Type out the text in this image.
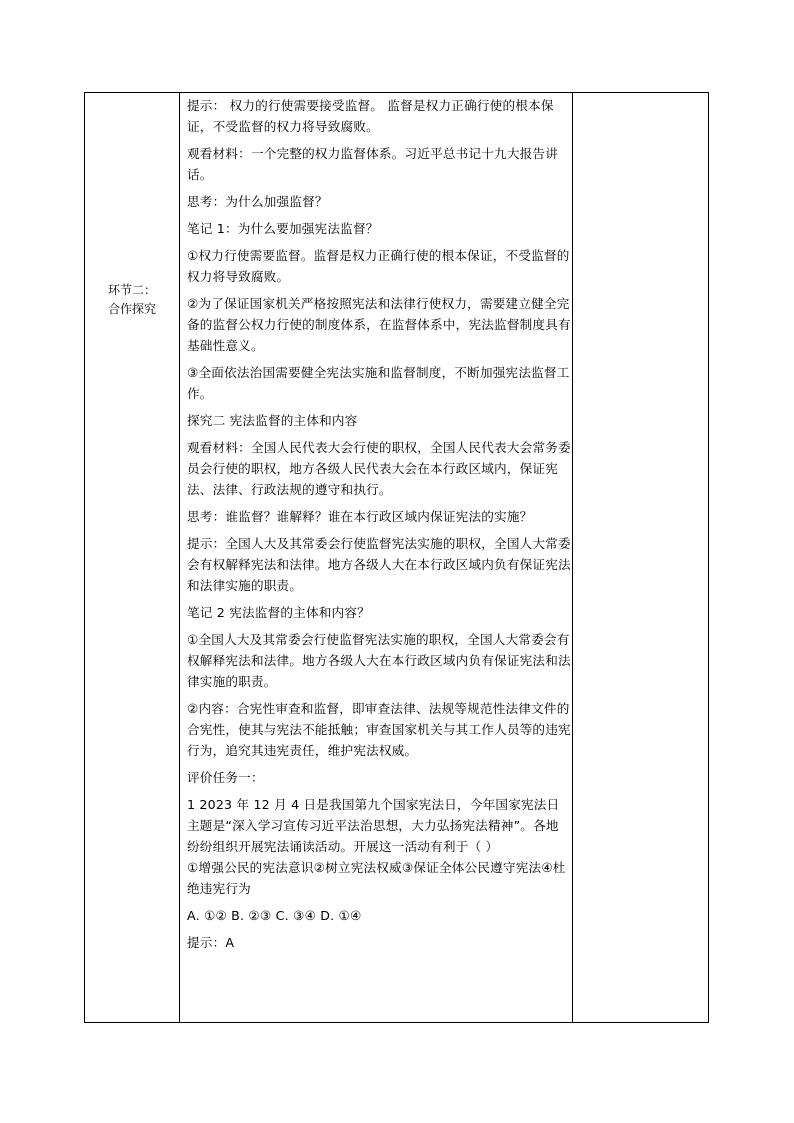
环节二：
合作探究

提示： 权力的行使需要接受监督。 监督是权力正确行使的根本保证，不受监督的权力将导致腐败。

观看材料：一个完整的权力监督体系。习近平总书记十九大报告讲话。

思考：为什么加强监督？

笔记 1：为什么要加强宪法监督？

①权力行使需要监督。监督是权力正确行使的根本保证，不受监督的权力将导致腐败。

②为了保证国家机关严格按照宪法和法律行使权力，需要建立健全完备的监督公权力行使的制度体系，在监督体系中，宪法监督制度具有基础性意义。

③全面依法治国需要健全宪法实施和监督制度，不断加强宪法监督工作。

探究二 宪法监督的主体和内容

观看材料：全国人民代表大会行使的职权，全国人民代表大会常务委员会行使的职权，地方各级人民代表大会在本行政区域内，保证宪法、法律、行政法规的遵守和执行。

思考：谁监督？谁解释？谁在本行政区域内保证宪法的实施？

提示：全国人大及其常委会行使监督宪法实施的职权，全国人大常委会有权解释宪法和法律。地方各级人大在本行政区域内负有保证宪法和法律实施的职责。

笔记 2 宪法监督的主体和内容？

①全国人大及其常委会行使监督宪法实施的职权，全国人大常委会有权解释宪法和法律。地方各级人大在本行政区域内负有保证宪法和法律实施的职责。

②内容：合宪性审查和监督，即审查法律、法规等规范性法律文件的合宪性，使其与宪法不能抵触；审查国家机关与其工作人员等的违宪行为，追究其违宪责任，维护宪法权威。

评价任务一：

1 2023 年 12 月 4 日是我国第九个国家宪法日，今年国家宪法日主题是“深入学习宣传习近平法治思想，大力弘扬宪法精神”。各地纷纷组织开展宪法诵读活动。开展这一活动有利于（ ）

①增强公民的宪法意识②树立宪法权威③保证全体公民遵守宪法④杜绝违宪行为

A. ①② B. ②③ C. ③④ D. ①④

提示：A
